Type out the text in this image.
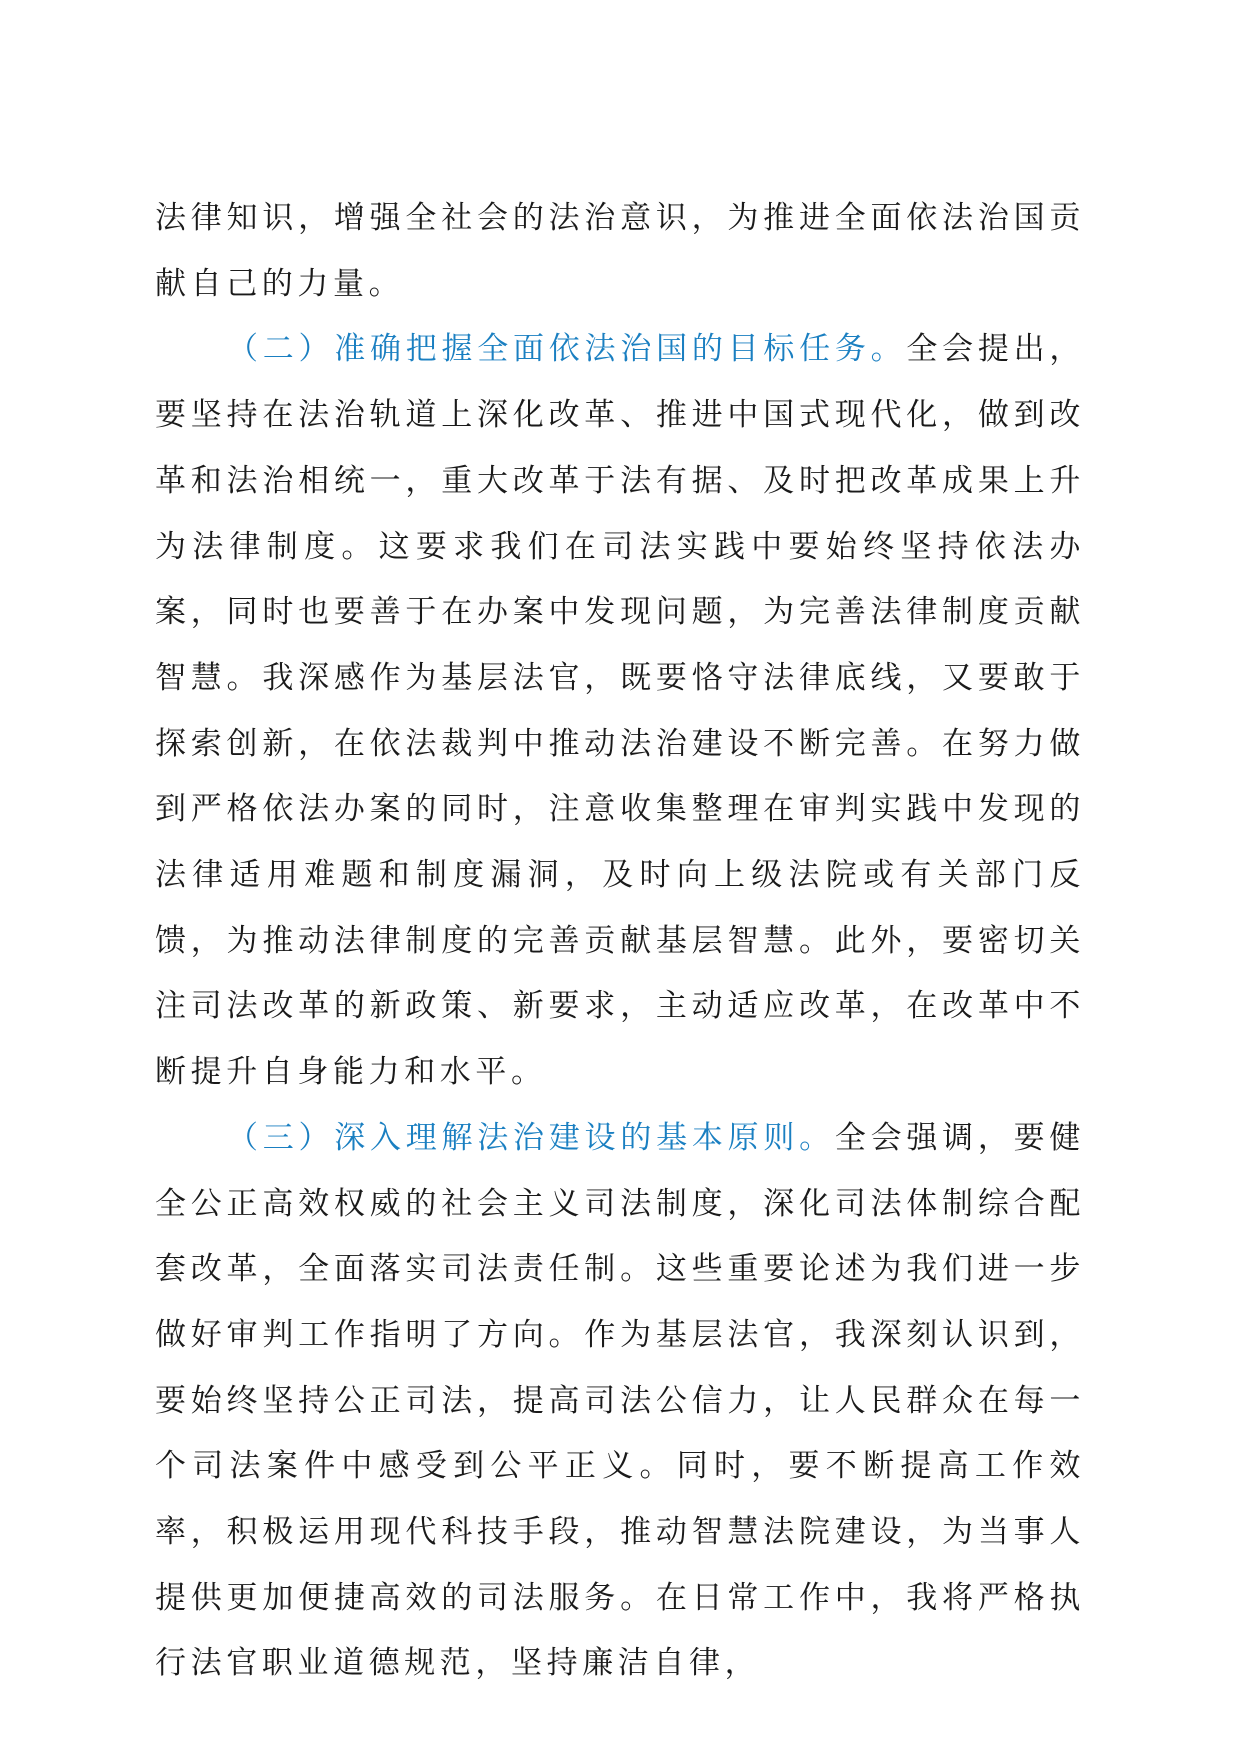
法律知识，增强全社会的法治意识，为推进全面依法治国贡献自己的力量。

（二）准确把握全面依法治国的目标任务。全会提出，要坚持在法治轨道上深化改革、推进中国式现代化，做到改革和法治相统一，重大改革于法有据、及时把改革成果上升为法律制度。这要求我们在司法实践中要始终坚持依法办案，同时也要善于在办案中发现问题，为完善法律制度贡献智慧。我深感作为基层法官，既要恪守法律底线，又要敢于探索创新，在依法裁判中推动法治建设不断完善。在努力做到严格依法办案的同时，注意收集整理在审判实践中发现的法律适用难题和制度漏洞，及时向上级法院或有关部门反馈，为推动法律制度的完善贡献基层智慧。此外，要密切关注司法改革的新政策、新要求，主动适应改革，在改革中不断提升自身能力和水平。

（三）深入理解法治建设的基本原则。全会强调，要健全公正高效权威的社会主义司法制度，深化司法体制综合配套改革，全面落实司法责任制。这些重要论述为我们进一步做好审判工作指明了方向。作为基层法官，我深刻认识到，要始终坚持公正司法，提高司法公信力，让人民群众在每一个司法案件中感受到公平正义。同时，要不断提高工作效率，积极运用现代科技手段，推动智慧法院建设，为当事人提供更加便捷高效的司法服务。在日常工作中，我将严格执行法官职业道德规范，坚持廉洁自律，
